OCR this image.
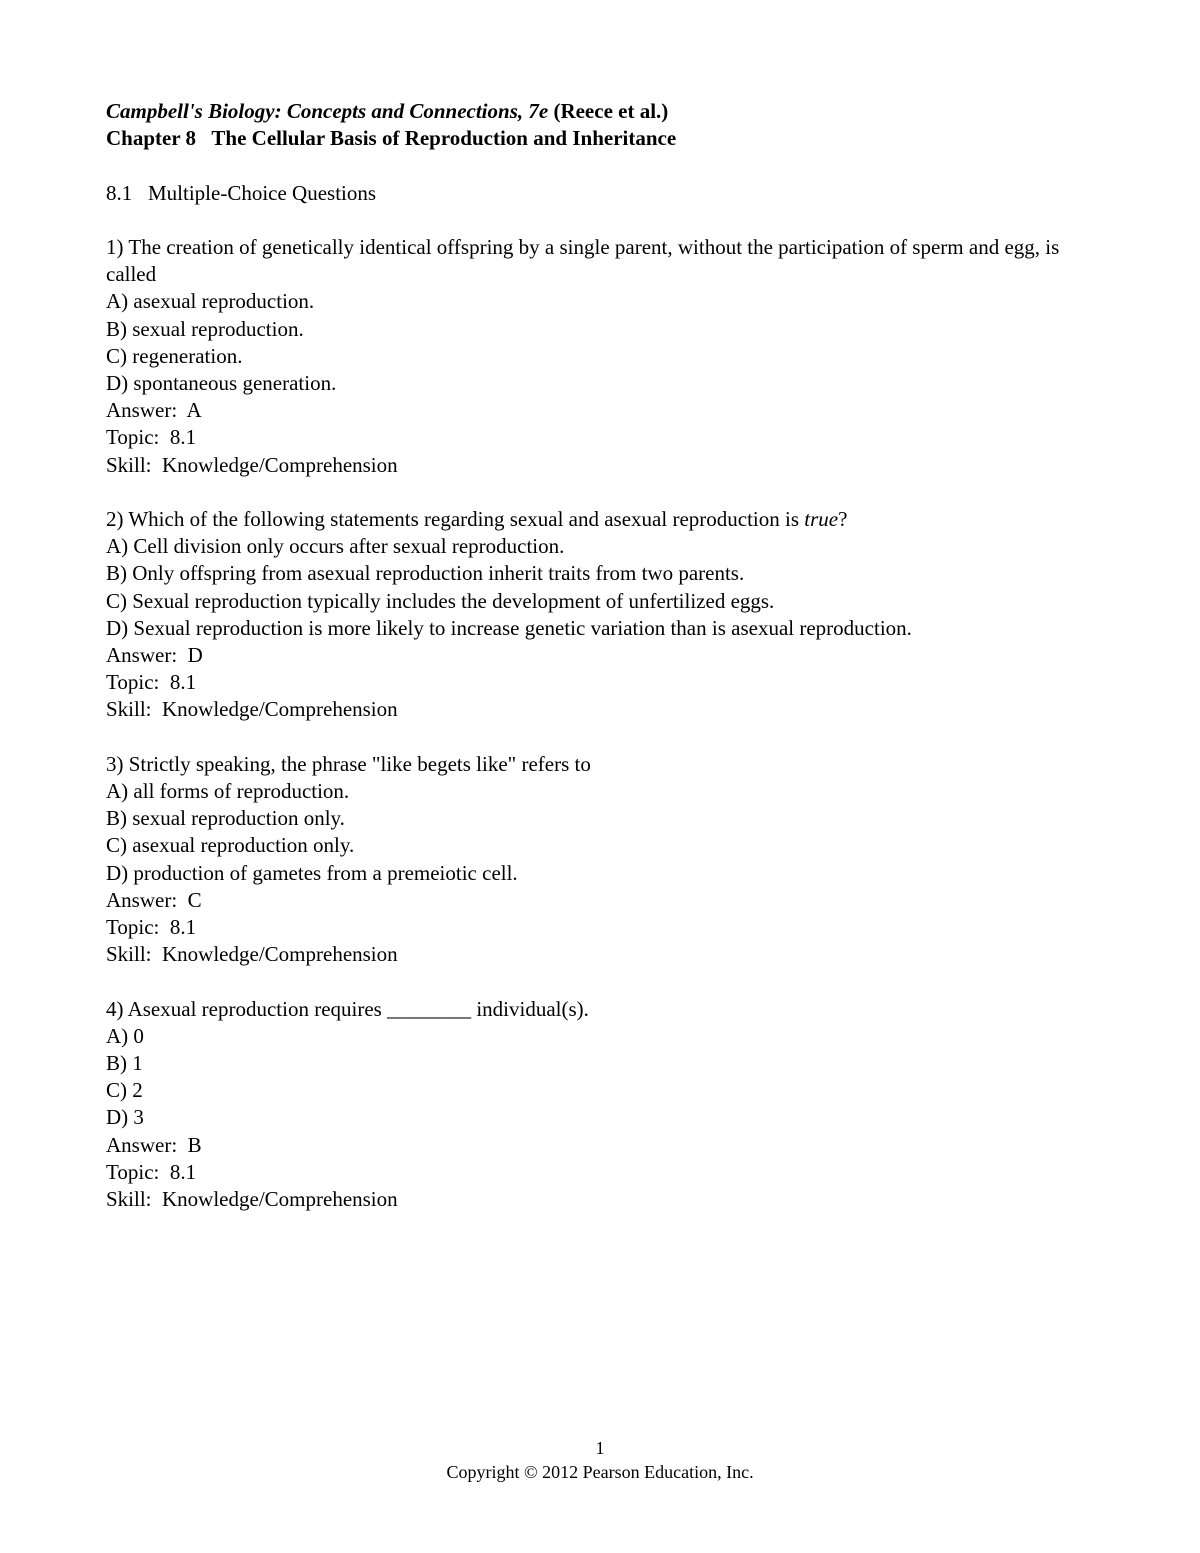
Campbell's Biology: Concepts and Connections, 7e (Reece et al.)
Chapter 8   The Cellular Basis of Reproduction and Inheritance
8.1   Multiple-Choice Questions
1) The creation of genetically identical offspring by a single parent, without the participation of sperm and egg, is called
A) asexual reproduction.
B) sexual reproduction.
C) regeneration.
D) spontaneous generation.
Answer:  A
Topic:  8.1
Skill:  Knowledge/Comprehension
2) Which of the following statements regarding sexual and asexual reproduction is true?
A) Cell division only occurs after sexual reproduction.
B) Only offspring from asexual reproduction inherit traits from two parents.
C) Sexual reproduction typically includes the development of unfertilized eggs.
D) Sexual reproduction is more likely to increase genetic variation than is asexual reproduction.
Answer:  D
Topic:  8.1
Skill:  Knowledge/Comprehension
3) Strictly speaking, the phrase "like begets like" refers to
A) all forms of reproduction.
B) sexual reproduction only.
C) asexual reproduction only.
D) production of gametes from a premeiotic cell.
Answer:  C
Topic:  8.1
Skill:  Knowledge/Comprehension
4) Asexual reproduction requires ________ individual(s).
A) 0
B) 1
C) 2
D) 3
Answer:  B
Topic:  8.1
Skill:  Knowledge/Comprehension
1
Copyright © 2012 Pearson Education, Inc.
